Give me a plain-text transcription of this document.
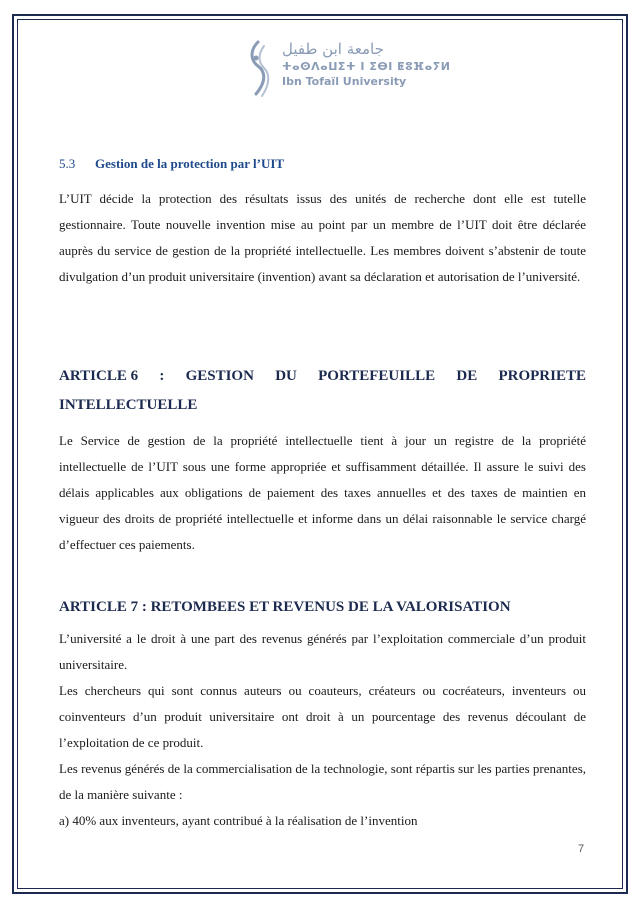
جامعة ابن طفيل
ⵜⴰⵙⴷⴰⵡⵉⵜ ⵏ ⵉⴱⵏ ⵟⵓⴼⴰⵢⵍ
Ibn Tofaïl University
5.3 Gestion de la protection par l’UIT
L’UIT décide la protection des résultats issus des unités de recherche dont elle est tutelle gestionnaire. Toute nouvelle invention mise au point par un membre de l’UIT doit être déclarée auprès du service de gestion de la propriété intellectuelle. Les membres doivent s’abstenir de toute divulgation d’un produit universitaire (invention) avant sa déclaration et autorisation de l’université.
ARTICLE 6 : GESTION DU PORTEFEUILLE DE PROPRIETE
INTELLECTUELLE
Le Service de gestion de la propriété intellectuelle tient à jour un registre de la propriété intellectuelle de l’UIT sous une forme appropriée et suffisamment détaillée. Il assure le suivi des délais applicables aux obligations de paiement des taxes annuelles et des taxes de maintien en vigueur des droits de propriété intellectuelle et informe dans un délai raisonnable le service chargé d’effectuer ces paiements.
ARTICLE 7 : RETOMBEES ET REVENUS DE LA VALORISATION
L’université a le droit à une part des revenus générés par l’exploitation commerciale d’un produit universitaire.
Les chercheurs qui sont connus auteurs ou coauteurs, créateurs ou cocréateurs, inventeurs ou coinventeurs d’un produit universitaire ont droit à un pourcentage des revenus découlant de l’exploitation de ce produit.
Les revenus générés de la commercialisation de la technologie, sont répartis sur les parties prenantes, de la manière suivante :
a) 40% aux inventeurs, ayant contribué à la réalisation de l’invention
7
